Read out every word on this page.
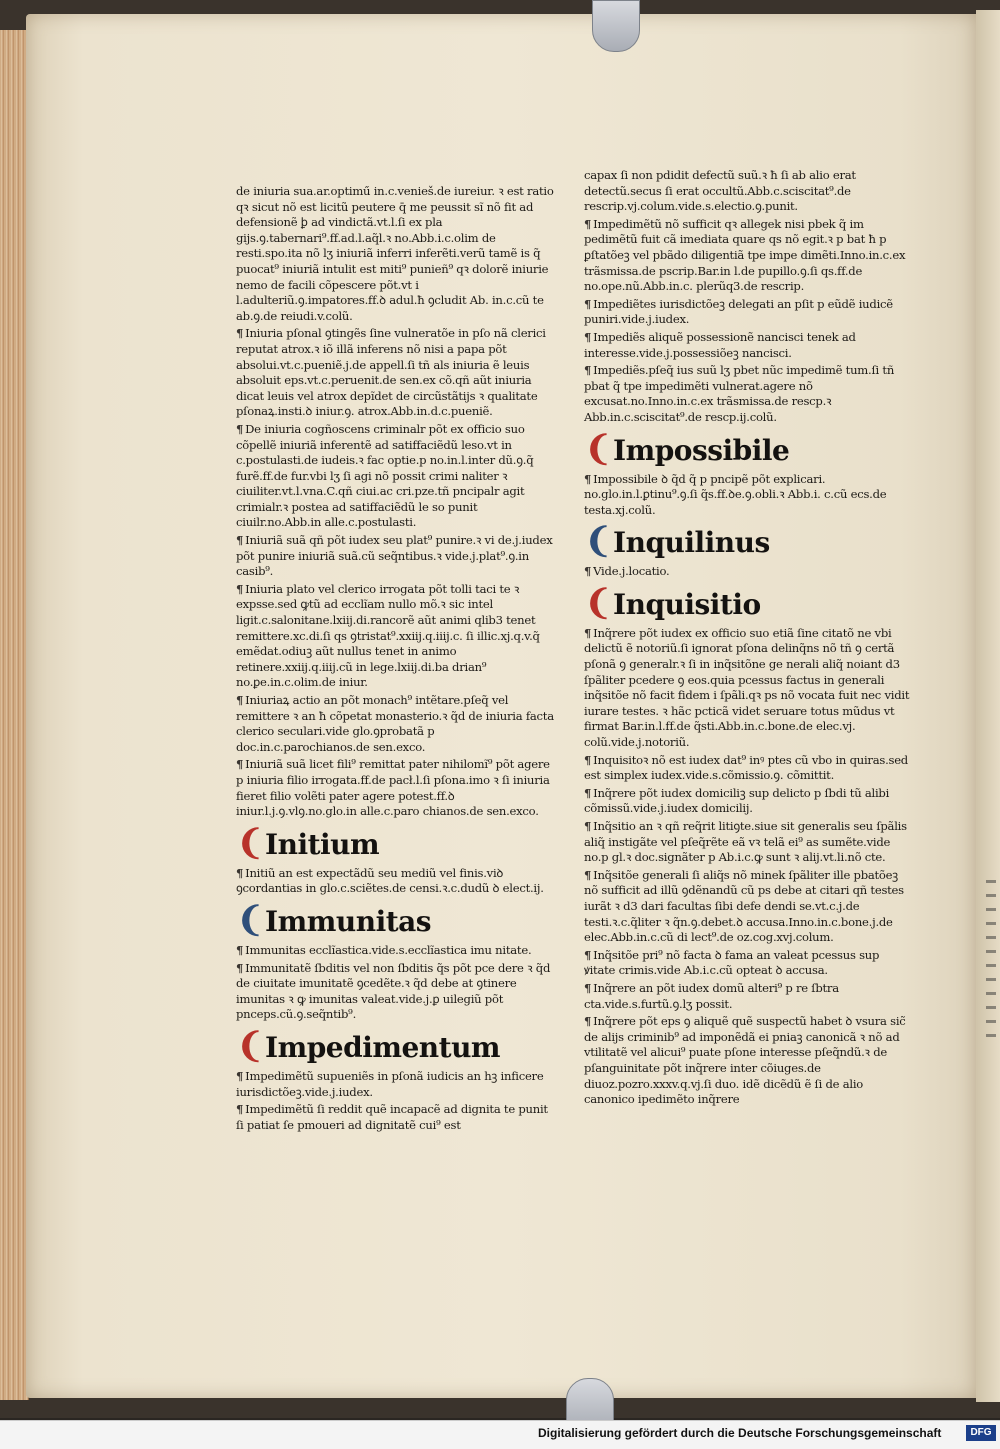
de iniuria sua.ar.optimű in.c.venieš.de iureiur. ꝛ est ratio qꝛ sicut nõ est licitũ peutere q̄ me peussit sĩ nõ fit ad defensionẽ ꝧ ad vindictã.vt.l.ſi ex pla gijs.ꝯ.tabernari⁹.ff.ad.l.aq̃l.ꝛ no.Abb.i.c.olim de resti.spo.ita nõ lʒ iniuriã inferri inferẽti.verũ tamẽ is q̃ puocat⁹ iniuriã intulit est miti⁹ punieñ⁹ qꝛ dolorẽ iniurie nemo de facili cõpescere põt.vt i l.adulteriũ.ꝯ.impatores.ff.ꝺ adul.ħ ꝯcludit Ab. in.c.cũ te ab.ꝯ.de reiudi.v.colũ.

¶ Iniuria pſonal ꝯtingẽs ſine vulneratõe in pſo nã clerici reputat atrox.ꝛ iõ illã inferens nõ nisi a papa põt absolui.vt.c.pueniẽ.j.de appell.ſi tñ als iniuria ẽ leuis absoluit eps.vt.c.peruenit.de sen.ex cõ.qñ aũt iniuria dicat leuis vel atrox depĩdet de circũstãtijs ꝛ qualitate pſonaꝝ.insti.ꝺ iniur.ꝯ. atrox.Abb.in.d.c.pueniẽ.

¶ De iniuria cogñoscens criminalr põt ex officio suo cõpellẽ iniuriã inferentẽ ad satiffaciẽdũ leso.vt in c.postulasti.de iudeis.ꝛ fac optie.p no.in.l.inter dũ.ꝯ.q̃ furẽ.ff.de fur.vbi lʒ ſi agi nõ possit crimi naliter ꝛ ciuiliter.vt.l.vna.C.qñ ciui.ac cri.pze.tñ pncipalr agit crimialr.ꝛ postea ad satiffaciẽdũ le so punit ciuilr.no.Abb.in alle.c.postulasti.

¶ Iniuriã suã qñ põt iudex seu plat⁹ punire.ꝛ vi de.j.iudex põt punire iniuriã suã.cũ seq̃ntibus.ꝛ vide.j.plat⁹.ꝯ.in casib⁹.

¶ Iniuria plato vel clerico irrogata põt tolli taci te ꝛ expsse.sed ꝙtũ ad ecclĩam nullo mõ.ꝛ sic intel ligit.c.salonitane.lxiij.di.rancorẽ aũt animi qlib3 tenet remittere.xc.di.ſi qs ꝯtristat⁹.xxiij.q.iiij.c. ſi illic.xj.q.v.q̃ emẽdat.odiuꝫ aũt nullus tenet in animo retinere.xxiij.q.iiij.cũ in lege.lxiij.di.ba drian⁹ no.ꝑe.in.c.olim.de iniur.

¶ Iniuriaꝝ actio an põt monach⁹ intẽtare.pſeq̃ vel remittere ꝛ an ħ cõpetat monasterio.ꝛ q̃d de iniuria facta clerico seculari.vide glo.ꝯprobatã p doc.in.c.parochianos.de sen.exco.

¶ Iniuriã suã licet fili⁹ remittat pater nihilomĩ⁹ põt agere p iniuria filio irrogata.ff.de pacł.l.ſi pſona.imo ꝛ ſi iniuria fieret filio volẽti pater agere potest.ff.ꝺ iniur.l.j.ꝯ.vlꝯ.no.glo.in alle.c.paro chianos.de sen.exco.

❨Initium

¶ Initiũ an est expectãdũ seu mediũ vel finis.viꝺ ꝯcordantias in glo.c.sciẽtes.de censi.ꝛ.c.dudũ ꝺ elect.ij.

❨Immunitas

¶ Immunitas ecclĩastica.vide.s.ecclĩastica imu nitate.

¶ Immunitatẽ ſbditis vel non ſbditis q̃s põt pce dere ꝛ q̃d de ciuitate imunitatẽ ꝯcedẽte.ꝛ q̃d debe at ꝯtinere imunitas ꝛ ꝙ imunitas valeat.vide.j.ꝑ uilegiũ põt pnceps.cũ.ꝯ.seq̃ntib⁹.

❨Impedimentum

¶ Impedimẽtũ supueniẽs in pſonã iudicis an hꝫ inficere iurisdictõeꝫ.vide.j.iudex.

¶ Impedimẽtũ ſi reddit quẽ incapacẽ ad dignita te punit ſi patiat ſe pmoueri ad dignitatẽ cui⁹ est

capax ſi non pdidit defectũ suũ.ꝛ ħ ſi ab alio erat detectũ.secus ſi erat occultũ.Abb.c.sciscitat⁹.de rescrip.vj.colum.vide.s.electio.ꝯ.punit.

¶ Impedimẽtũ nõ sufficit qꝛ allegek nisi pbek q̃ im pedimẽtũ fuit cã imediata quare qs nõ egit.ꝛ p bat ħ p ꝑſtatõeꝫ vel pbãdo diligentiã tpe impe dimẽti.Inno.in.c.ex trãsmissa.de pscrip.Bar.in l.de pupillo.ꝯ.ſi qs.ff.de no.ope.nũ.Abb.in.c. plerũq3.de rescrip.

¶ Impediẽtes iurisdictõeꝫ delegati an pſit p eũdẽ iudicẽ puniri.vide.j.iudex.

¶ Impediẽs aliquẽ possessionẽ nancisci tenek ad interesse.vide.j.possessiõeꝫ nancisci.

¶ Impediẽs.pſeq̃ ius suũ lʒ pbet nũc impedimẽ tum.ſi tñ pbat q̃ tpe impedimẽti vulnerat.agere nõ excusat.no.Inno.in.c.ex trãsmissa.de rescp.ꝛ Abb.in.c.sciscitat⁹.de rescp.ij.colũ.

❨Impossibile

¶ Impossibile ꝺ q̃d q̃ p pncipẽ põt explicari. no.glo.in.l.ꝑtinu⁹.ꝯ.ſi q̃s.ff.ꝺe.ꝯ.obli.ꝛ Abb.i. c.cũ ecs.de testa.xj.colũ.

❨Inquilinus

¶ Vide.j.locatio.

❨Inquisitio

¶ Inq̃rere põt iudex ex officio suo etiã ſine citatõ ne vbi delictũ ẽ notoriũ.ſi ignorat pſona delinq̃ns nõ tñ ꝯ certã pſonã ꝯ generalr.ꝛ ſi in inq̃sitõne ge nerali aliq̃ noiant d3 ſpãliter pcedere ꝯ eos.quia pcessus factus in generali inq̃sitõe nõ facit fidem i ſpãli.qꝛ ps nõ vocata fuit nec vidit iurare testes. ꝛ hãc pcticã videt seruare totus mũdus vt firmat Bar.in.l.ff.de q̃sti.Abb.in.c.bone.de elec.vj. colũ.vide.j.notoriũ.

¶ Inquisitoꝛ nõ est iudex dat⁹ inꝰ ptes cũ vbo in quiras.sed est simplex iudex.vide.s.cõmissio.ꝯ. cõmittit.

¶ Inq̃rere põt iudex domiciliꝫ sup delicto p ſbdi tũ alibi cõmissũ.vide.j.iudex domicilij.

¶ Inq̃sitio an ꝛ qñ req̃rit litiꝯte.siue sit generalis seu ſpãlis aliq̃ instigãte vel pſeq̃rẽte eã vꝛ telã ei⁹ as sumẽte.vide no.p gl.ꝛ doc.signãter p Ab.i.c.ꝙ sunt ꝛ alij.vt.li.nõ cte.

¶ Inq̃sitõe generali ſi aliq̃s nõ minek ſpãliter ille pbatõeꝫ nõ sufficit ad illũ ꝯdẽnandũ cũ ps debe at citari qñ testes iurãt ꝛ d3 dari facultas ſibi defe dendi se.vt.c.j.de testi.ꝛ.c.q̃liter ꝛ q̃n.ꝯ.debet.ꝺ accusa.Inno.in.c.bone.j.de elec.Abb.in.c.cũ di lect⁹.de oz.cog.xvj.colum.

¶ Inq̃sitõe pri⁹ nõ facta ꝺ fama an valeat pcessus sup ꝟitate crimis.vide Ab.i.c.cũ opteat ꝺ accusa.

¶ Inq̃rere an põt iudex domũ alteri⁹ p re ſbtra cta.vide.s.furtũ.ꝯ.lʒ possit.

¶ Inq̃rere põt eps ꝯ aliquẽ quẽ suspectũ habet ꝺ vsura sic̃ de alijs criminib⁹ ad imponẽdã ei pniaꝫ canonicã ꝛ nõ ad vtilitatẽ vel alicui⁹ puate pſone interesse pſeq̃ndũ.ꝛ de pſanguinitate põt inq̃rere inter cõiuges.de diuoz.pozro.xxxv.q.vj.ſi duo. idẽ dicẽdũ ẽ ſi de alio canonico ipedimẽto inq̃rere

Digitalisierung gefördert durch die Deutsche Forschungsgemeinschaft	DFG
